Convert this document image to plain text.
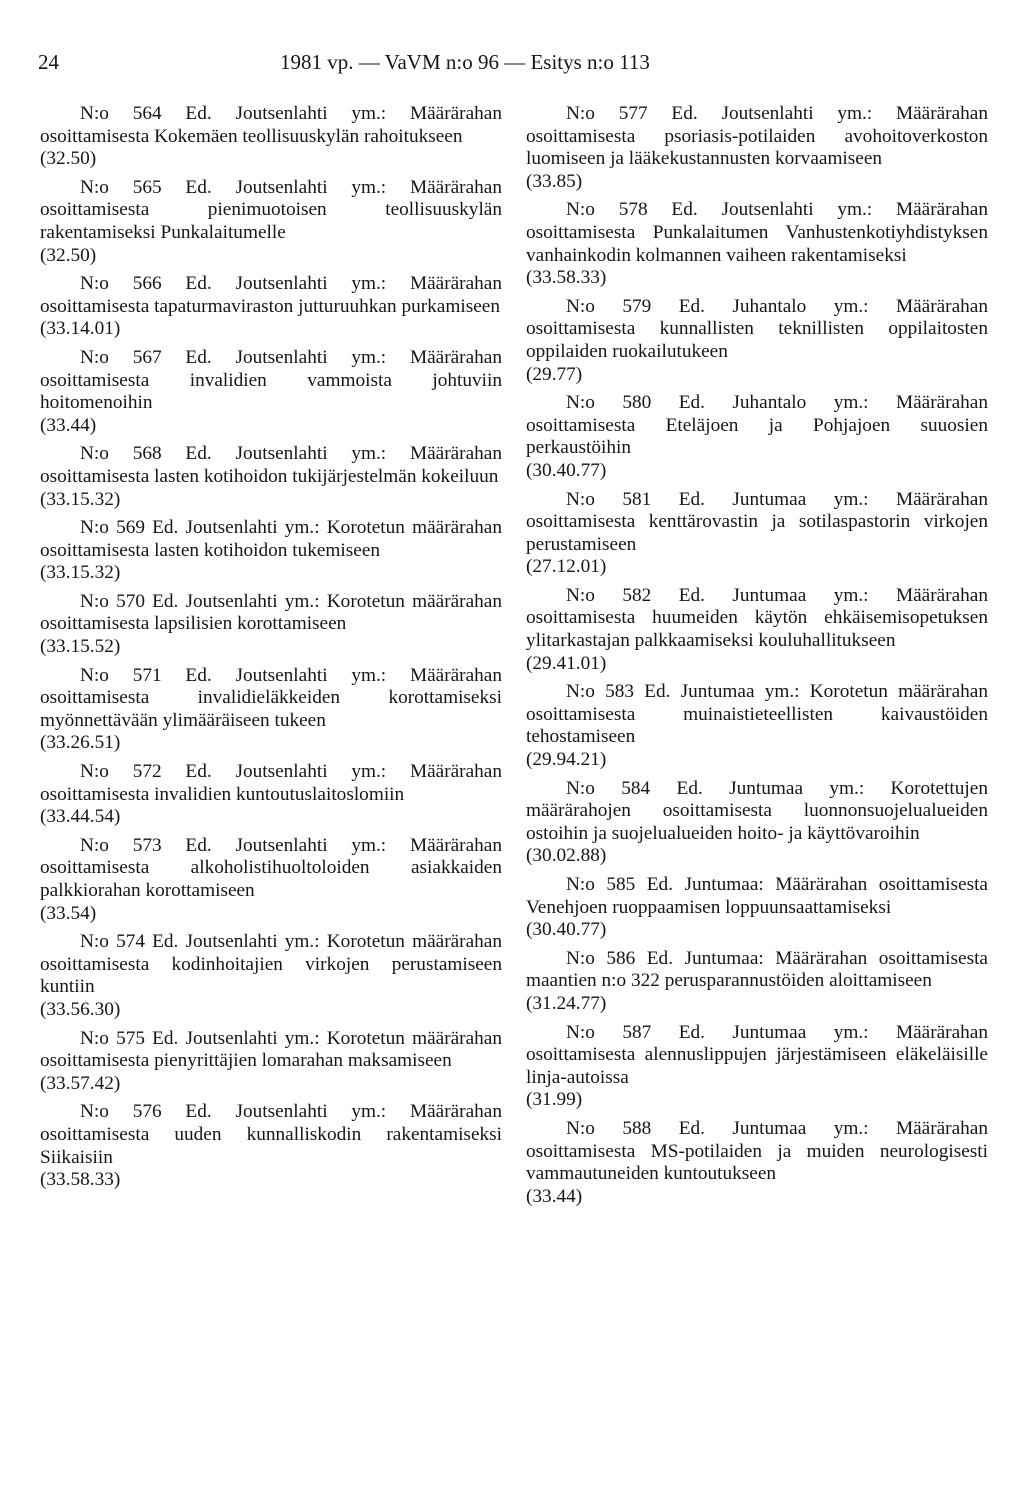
24	1981 vp. — VaVM n:o 96 — Esitys n:o 113

N:o 564 Ed. Joutsenlahti ym.: Määrärahan osoittamisesta Kokemäen teollisuuskylän rahoitukseen

(32.50)

N:o 565 Ed. Joutsenlahti ym.: Määrärahan osoittamisesta pienimuotoisen teollisuuskylän rakentamiseksi Punkalaitumelle

(32.50)

N:o 566 Ed. Joutsenlahti ym.: Määrärahan osoittamisesta tapaturmaviraston jutturuuhkan purkamiseen

(33.14.01)

N:o 567 Ed. Joutsenlahti ym.: Määrärahan osoittamisesta invalidien vammoista johtuviin hoitomenoihin

(33.44)

N:o 568 Ed. Joutsenlahti ym.: Määrärahan osoittamisesta lasten kotihoidon tukijärjestelmän kokeiluun

(33.15.32)

N:o 569 Ed. Joutsenlahti ym.: Korotetun määrärahan osoittamisesta lasten kotihoidon tukemiseen

(33.15.32)

N:o 570 Ed. Joutsenlahti ym.: Korotetun määrärahan osoittamisesta lapsilisien korottamiseen

(33.15.52)

N:o 571 Ed. Joutsenlahti ym.: Määrärahan osoittamisesta invalidieläkkeiden korottamiseksi myönnettävään ylimääräiseen tukeen

(33.26.51)

N:o 572 Ed. Joutsenlahti ym.: Määrärahan osoittamisesta invalidien kuntoutuslaitoslomiin

(33.44.54)

N:o 573 Ed. Joutsenlahti ym.: Määrärahan osoittamisesta alkoholistihuoltoloiden asiakkaiden palkkiorahan korottamiseen

(33.54)

N:o 574 Ed. Joutsenlahti ym.: Korotetun määrärahan osoittamisesta kodinhoitajien virkojen perustamiseen kuntiin

(33.56.30)

N:o 575 Ed. Joutsenlahti ym.: Korotetun määrärahan osoittamisesta pienyrittäjien lomarahan maksamiseen

(33.57.42)

N:o 576 Ed. Joutsenlahti ym.: Määrärahan osoittamisesta uuden kunnalliskodin rakentamiseksi Siikaisiin

(33.58.33)

N:o 577 Ed. Joutsenlahti ym.: Määrärahan osoittamisesta psoriasis-potilaiden avohoitoverkoston luomiseen ja lääkekustannusten korvaamiseen

(33.85)

N:o 578 Ed. Joutsenlahti ym.: Määrärahan osoittamisesta Punkalaitumen Vanhustenkotiyhdistyksen vanhainkodin kolmannen vaiheen rakentamiseksi

(33.58.33)

N:o 579 Ed. Juhantalo ym.: Määrärahan osoittamisesta kunnallisten teknillisten oppilaitosten oppilaiden ruokailutukeen

(29.77)

N:o 580 Ed. Juhantalo ym.: Määrärahan osoittamisesta Eteläjoen ja Pohjajoen suuosien perkaustöihin

(30.40.77)

N:o 581 Ed. Juntumaa ym.: Määrärahan osoittamisesta kenttärovastin ja sotilaspastorin virkojen perustamiseen

(27.12.01)

N:o 582 Ed. Juntumaa ym.: Määrärahan osoittamisesta huumeiden käytön ehkäisemisopetuksen ylitarkastajan palkkaamiseksi kouluhallitukseen

(29.41.01)

N:o 583 Ed. Juntumaa ym.: Korotetun määrärahan osoittamisesta muinaistieteellisten kaivaustöiden tehostamiseen

(29.94.21)

N:o 584 Ed. Juntumaa ym.: Korotettujen määrärahojen osoittamisesta luonnonsuojelualueiden ostoihin ja suojelualueiden hoito- ja käyttövaroihin

(30.02.88)

N:o 585 Ed. Juntumaa: Määrärahan osoittamisesta Venehjoen ruoppaamisen loppuunsaattamiseksi

(30.40.77)

N:o 586 Ed. Juntumaa: Määrärahan osoittamisesta maantien n:o 322 perusparannustöiden aloittamiseen

(31.24.77)

N:o 587 Ed. Juntumaa ym.: Määrärahan osoittamisesta alennuslippujen järjestämiseen eläkeläisille linja-autoissa

(31.99)

N:o 588 Ed. Juntumaa ym.: Määrärahan osoittamisesta MS-potilaiden ja muiden neurologisesti vammautuneiden kuntoutukseen

(33.44)
